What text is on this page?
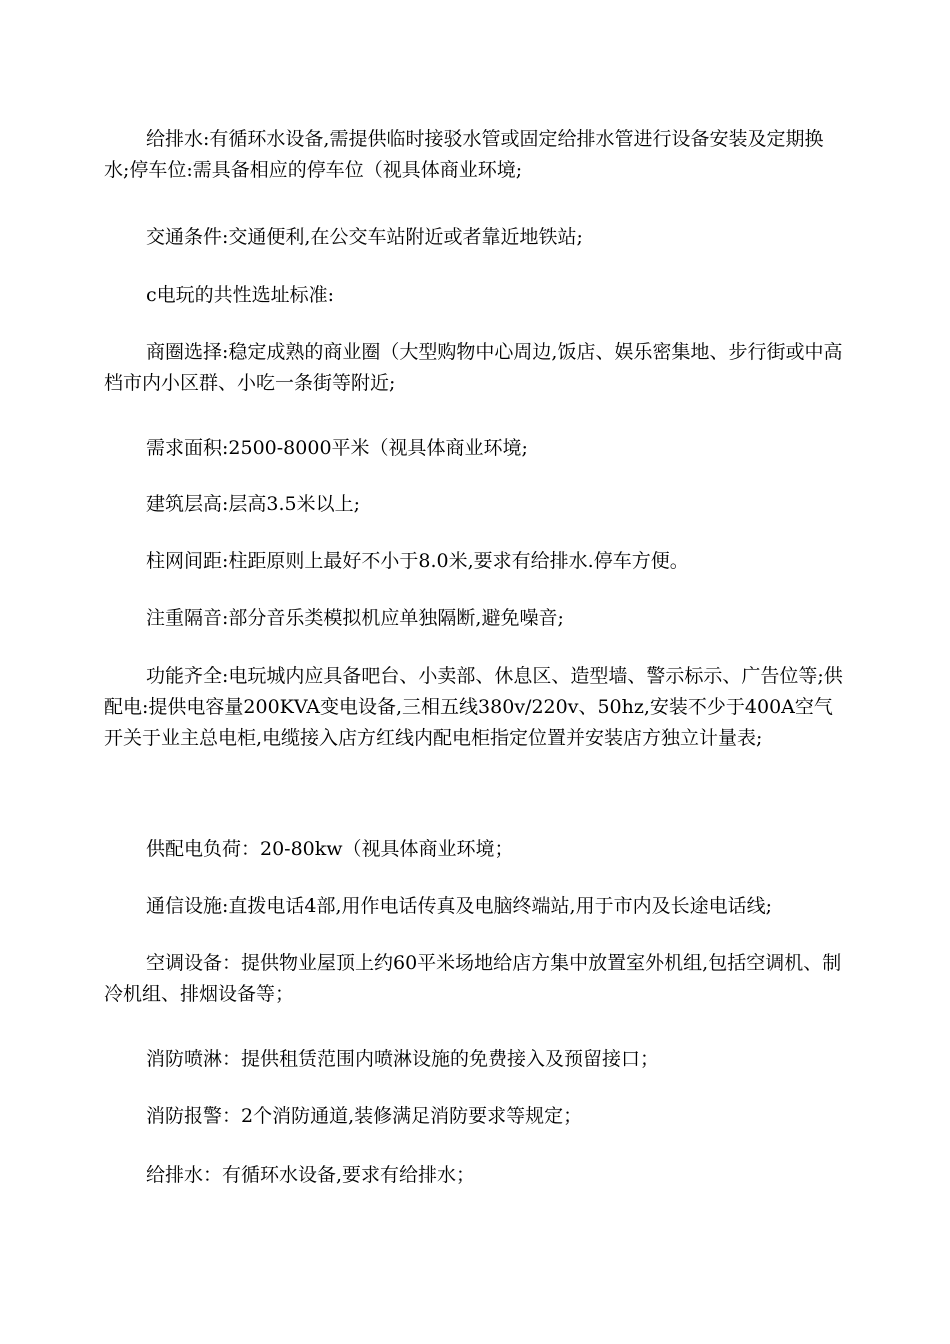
给排水:有循环水设备,需提供临时接驳水管或固定给排水管进行设备安装及定期换水;停车位:需具备相应的停车位（视具体商业环境;

交通条件:交通便利,在公交车站附近或者靠近地铁站;

c电玩的共性选址标准:

商圈选择:稳定成熟的商业圈（大型购物中心周边,饭店、娱乐密集地、步行街或中高档市内小区群、小吃一条街等附近;

需求面积:2500-8000平米（视具体商业环境;

建筑层高:层高3.5米以上;

柱网间距:柱距原则上最好不小于8.0米,要求有给排水.停车方便。

注重隔音:部分音乐类模拟机应单独隔断,避免噪音;

功能齐全:电玩城内应具备吧台、小卖部、休息区、造型墙、警示标示、广告位等;供配电:提供电容量200KVA变电设备,三相五线380v/220v、50hz,安装不少于400A空气开关于业主总电柜,电缆接入店方红线内配电柜指定位置并安装店方独立计量表;

供配电负荷：20-80kw（视具体商业环境；

通信设施:直拨电话4部,用作电话传真及电脑终端站,用于市内及长途电话线;

空调设备：提供物业屋顶上约60平米场地给店方集中放置室外机组,包括空调机、制冷机组、排烟设备等；

消防喷淋：提供租赁范围内喷淋设施的免费接入及预留接口；

消防报警：2个消防通道,装修满足消防要求等规定；

给排水：有循环水设备,要求有给排水；
